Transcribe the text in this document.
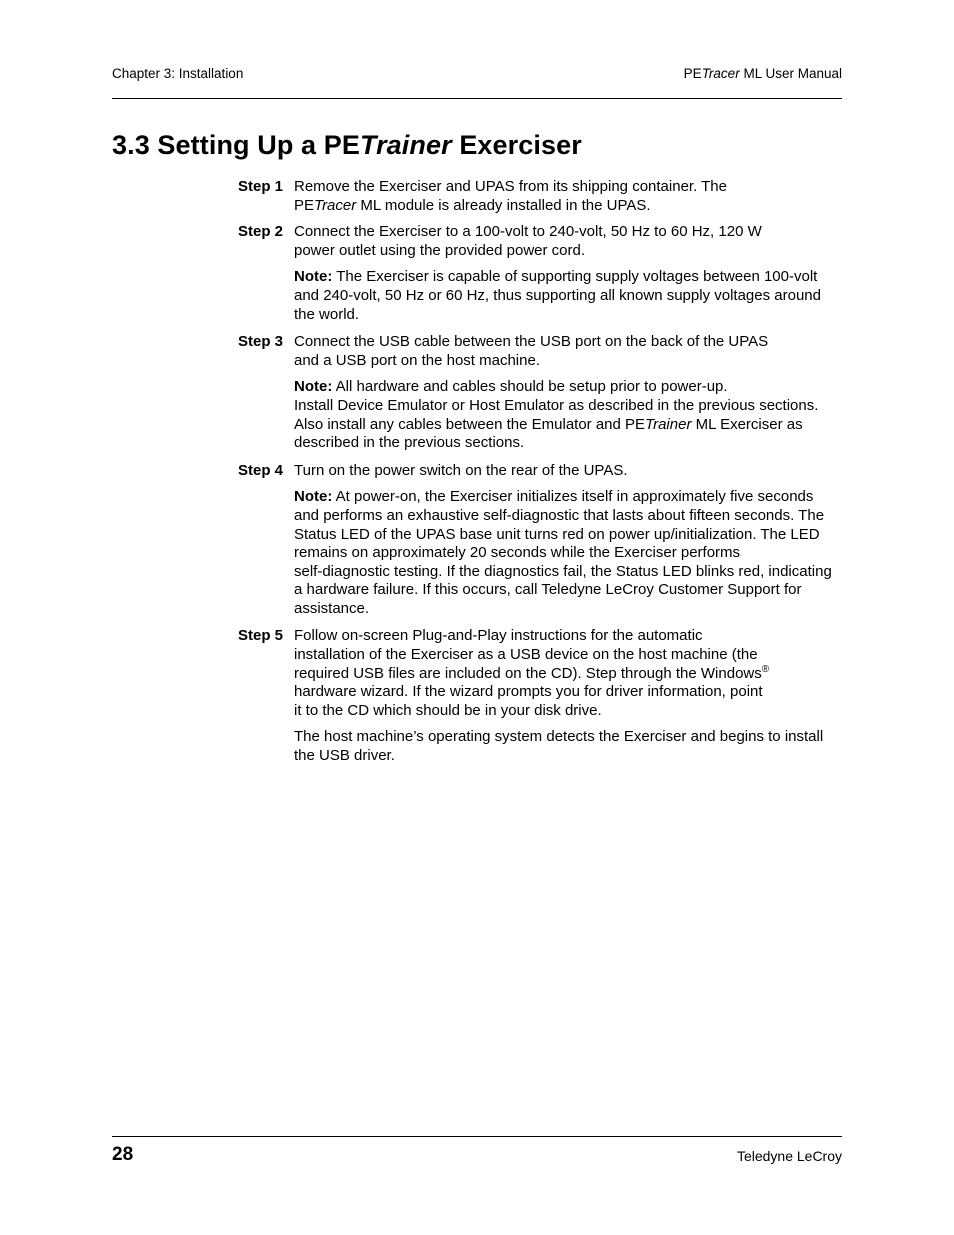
Chapter 3: Installation	PETracer ML User Manual
3.3 Setting Up a PETrainer Exerciser
Step 1 Remove the Exerciser and UPAS from its shipping container. The
PETracer ML module is already installed in the UPAS.
Step 2 Connect the Exerciser to a 100-volt to 240-volt, 50 Hz to 60 Hz, 120 W
power outlet using the provided power cord.
Note: The Exerciser is capable of supporting supply voltages between 100-volt
and 240-volt, 50 Hz or 60 Hz, thus supporting all known supply voltages around
the world.
Step 3 Connect the USB cable between the USB port on the back of the UPAS
and a USB port on the host machine.
Note: All hardware and cables should be setup prior to power-up.
Install Device Emulator or Host Emulator as described in the previous sections.
Also install any cables between the Emulator and PETrainer ML Exerciser as
described in the previous sections.
Step 4 Turn on the power switch on the rear of the UPAS.
Note: At power-on, the Exerciser initializes itself in approximately five seconds
and performs an exhaustive self-diagnostic that lasts about fifteen seconds. The
Status LED of the UPAS base unit turns red on power up/initialization. The LED
remains on approximately 20 seconds while the Exerciser performs
self-diagnostic testing. If the diagnostics fail, the Status LED blinks red, indicating
a hardware failure. If this occurs, call Teledyne LeCroy Customer Support for
assistance.
Step 5 Follow on-screen Plug-and-Play instructions for the automatic
installation of the Exerciser as a USB device on the host machine (the
required USB files are included on the CD). Step through the Windows®
hardware wizard. If the wizard prompts you for driver information, point
it to the CD which should be in your disk drive.
The host machine’s operating system detects the Exerciser and begins to install
the USB driver.
28	Teledyne LeCroy
